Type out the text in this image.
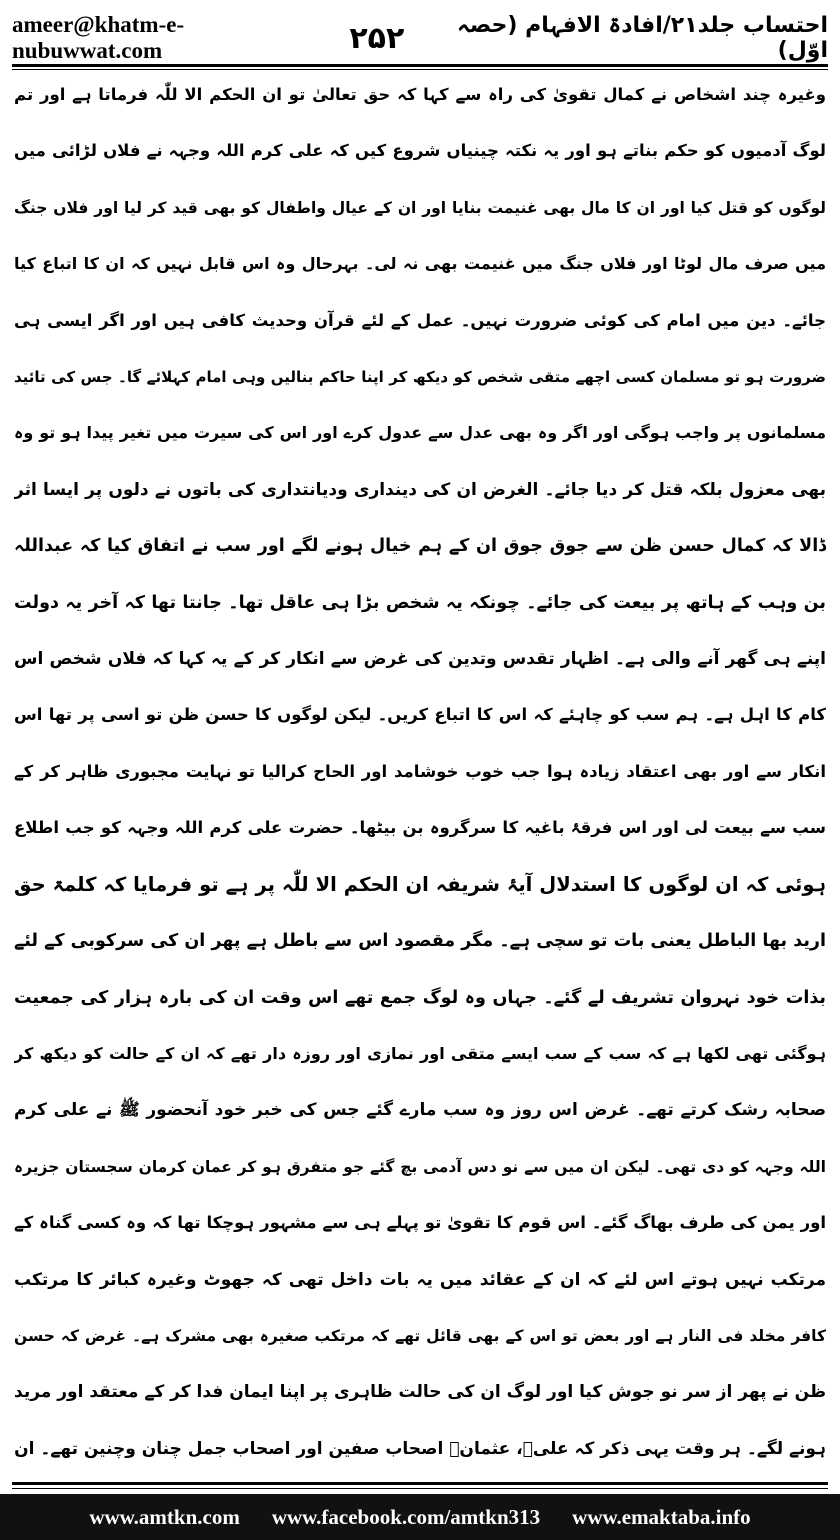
ameer@khatm-e-nubuwwat.com	۲۵۲	احتساب جلد۲۱/افادۃ الافہام (حصہ اوّل)
وغیرہ چند اشخاص نے کمال تقویٰ کی راہ سے کہا کہ حق تعالیٰ تو ان الحکم الا للّٰہ فرماتا ہے اور تم
لوگ آدمیوں کو حکم بناتے ہو اور یہ نکتہ چینیاں شروع کیں کہ علی کرم اللہ وجہہ نے فلاں لڑائی میں
لوگوں کو قتل کیا اور ان کا مال بھی غنیمت بنایا اور ان کے عیال واطفال کو بھی قید کر لیا اور فلاں جنگ
میں صرف مال لوٹا اور فلاں جنگ میں غنیمت بھی نہ لی۔ بہرحال وہ اس قابل نہیں کہ ان کا اتباع کیا
جائے۔ دین میں امام کی کوئی ضرورت نہیں۔ عمل کے لئے قرآن وحدیث کافی ہیں اور اگر ایسی ہی
ضرورت ہو تو مسلمان کسی اچھے متقی شخص کو دیکھ کر اپنا حاکم بنالیں وہی امام کہلائے گا۔ جس کی تائید
مسلمانوں پر واجب ہوگی اور اگر وہ بھی عدل سے عدول کرے اور اس کی سیرت میں تغیر پیدا ہو تو وہ
بھی معزول بلکہ قتل کر دیا جائے۔ الغرض ان کی دینداری ودیانتداری کی باتوں نے دلوں پر ایسا اثر
ڈالا کہ کمال حسن ظن سے جوق جوق ان کے ہم خیال ہونے لگے اور سب نے اتفاق کیا کہ عبداللہ
بن وہب کے ہاتھ پر بیعت کی جائے۔ چونکہ یہ شخص بڑا ہی عاقل تھا۔ جانتا تھا کہ آخر یہ دولت
اپنے ہی گھر آنے والی ہے۔ اظہار تقدس وتدین کی غرض سے انکار کر کے یہ کہا کہ فلاں شخص اس
کام کا اہل ہے۔ ہم سب کو چاہئے کہ اس کا اتباع کریں۔ لیکن لوگوں کا حسن ظن تو اسی پر تھا اس
انکار سے اور بھی اعتقاد زیادہ ہوا جب خوب خوشامد اور الحاح کرالیا تو نہایت مجبوری ظاہر کر کے
سب سے بیعت لی اور اس فرقۂ باغیہ کا سرگروہ بن بیٹھا۔ حضرت علی کرم اللہ وجہہ کو جب اطلاع
ہوئی کہ ان لوگوں کا استدلال آیۂ شریفہ ان الحکم الا للّٰہ پر ہے تو فرمایا کہ کلمۃ حق
ارید بھا الباطل یعنی بات تو سچی ہے۔ مگر مقصود اس سے باطل ہے پھر ان کی سرکوبی کے لئے
بذات خود نہروان تشریف لے گئے۔ جہاں وہ لوگ جمع تھے اس وقت ان کی بارہ ہزار کی جمعیت
ہوگئی تھی لکھا ہے کہ سب کے سب ایسے متقی اور نمازی اور روزہ دار تھے کہ ان کے حالت کو دیکھ کر
صحابہ رشک کرتے تھے۔ غرض اس روز وہ سب مارے گئے جس کی خبر خود آنحضور ﷺ نے علی کرم
اللہ وجہہ کو دی تھی۔ لیکن ان میں سے نو دس آدمی بچ گئے جو متفرق ہو کر عمان کرمان سجستان جزیرہ
اور یمن کی طرف بھاگ گئے۔ اس قوم کا تقویٰ تو پہلے ہی سے مشہور ہوچکا تھا کہ وہ کسی گناہ کے
مرتکب نہیں ہوتے اس لئے کہ ان کے عقائد میں یہ بات داخل تھی کہ جھوٹ وغیرہ کبائر کا مرتکب
کافر مخلد فی النار ہے اور بعض تو اس کے بھی قائل تھے کہ مرتکب صغیرہ بھی مشرک ہے۔ غرض کہ حسن
ظن نے پھر از سر نو جوش کیا اور لوگ ان کی حالت ظاہری پر اپنا ایمان فدا کر کے معتقد اور مرید
ہونے لگے۔ ہر وقت یہی ذکر کہ علیؓ، عثمانؓ اصحاب صفین اور اصحاب جمل چنان وچنین تھے۔ ان
www.amtkn.com www.facebook.com/amtkn313 www.emaktaba.info
